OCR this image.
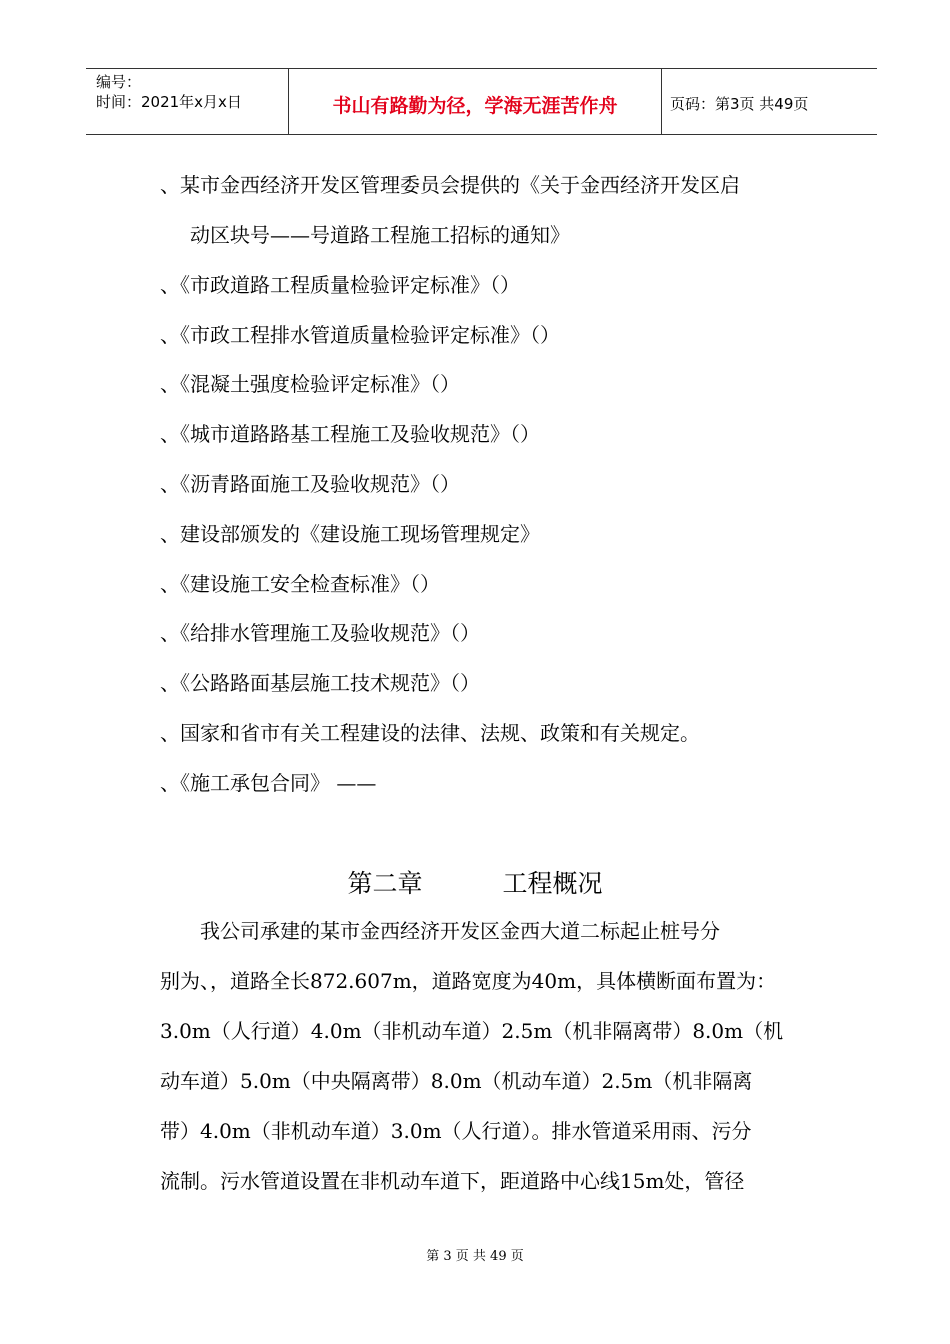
编号：
时间：2021年x月x日	书山有路勤为径，学海无涯苦作舟	页码：第3页 共49页
、某市金西经济开发区管理委员会提供的《关于金西经济开发区启
动区块号——号道路工程施工招标的通知》
、《市政道路工程质量检验评定标准》（）
、《市政工程排水管道质量检验评定标准》（）
、《混凝土强度检验评定标准》（）
、《城市道路路基工程施工及验收规范》（）
、《沥青路面施工及验收规范》（）
、建设部颁发的《建设施工现场管理规定》
、《建设施工安全检查标准》（）
、《给排水管理施工及验收规范》（）
、《公路路面基层施工技术规范》（）
、国家和省市有关工程建设的法律、法规、政策和有关规定。
、《施工承包合同》 ——
第二章	工程概况
　　我公司承建的某市金西经济开发区金西大道二标起止桩号分
别为、，道路全长872.607m，道路宽度为40m，具体横断面布置为：
3.0m（人行道）4.0m（非机动车道）2.5m（机非隔离带）8.0m（机
动车道）5.0m（中央隔离带）8.0m（机动车道）2.5m（机非隔离
带）4.0m（非机动车道）3.0m（人行道）。排水管道采用雨、污分
流制。污水管道设置在非机动车道下，距道路中心线15m处，管径
第 3 页 共 49 页
